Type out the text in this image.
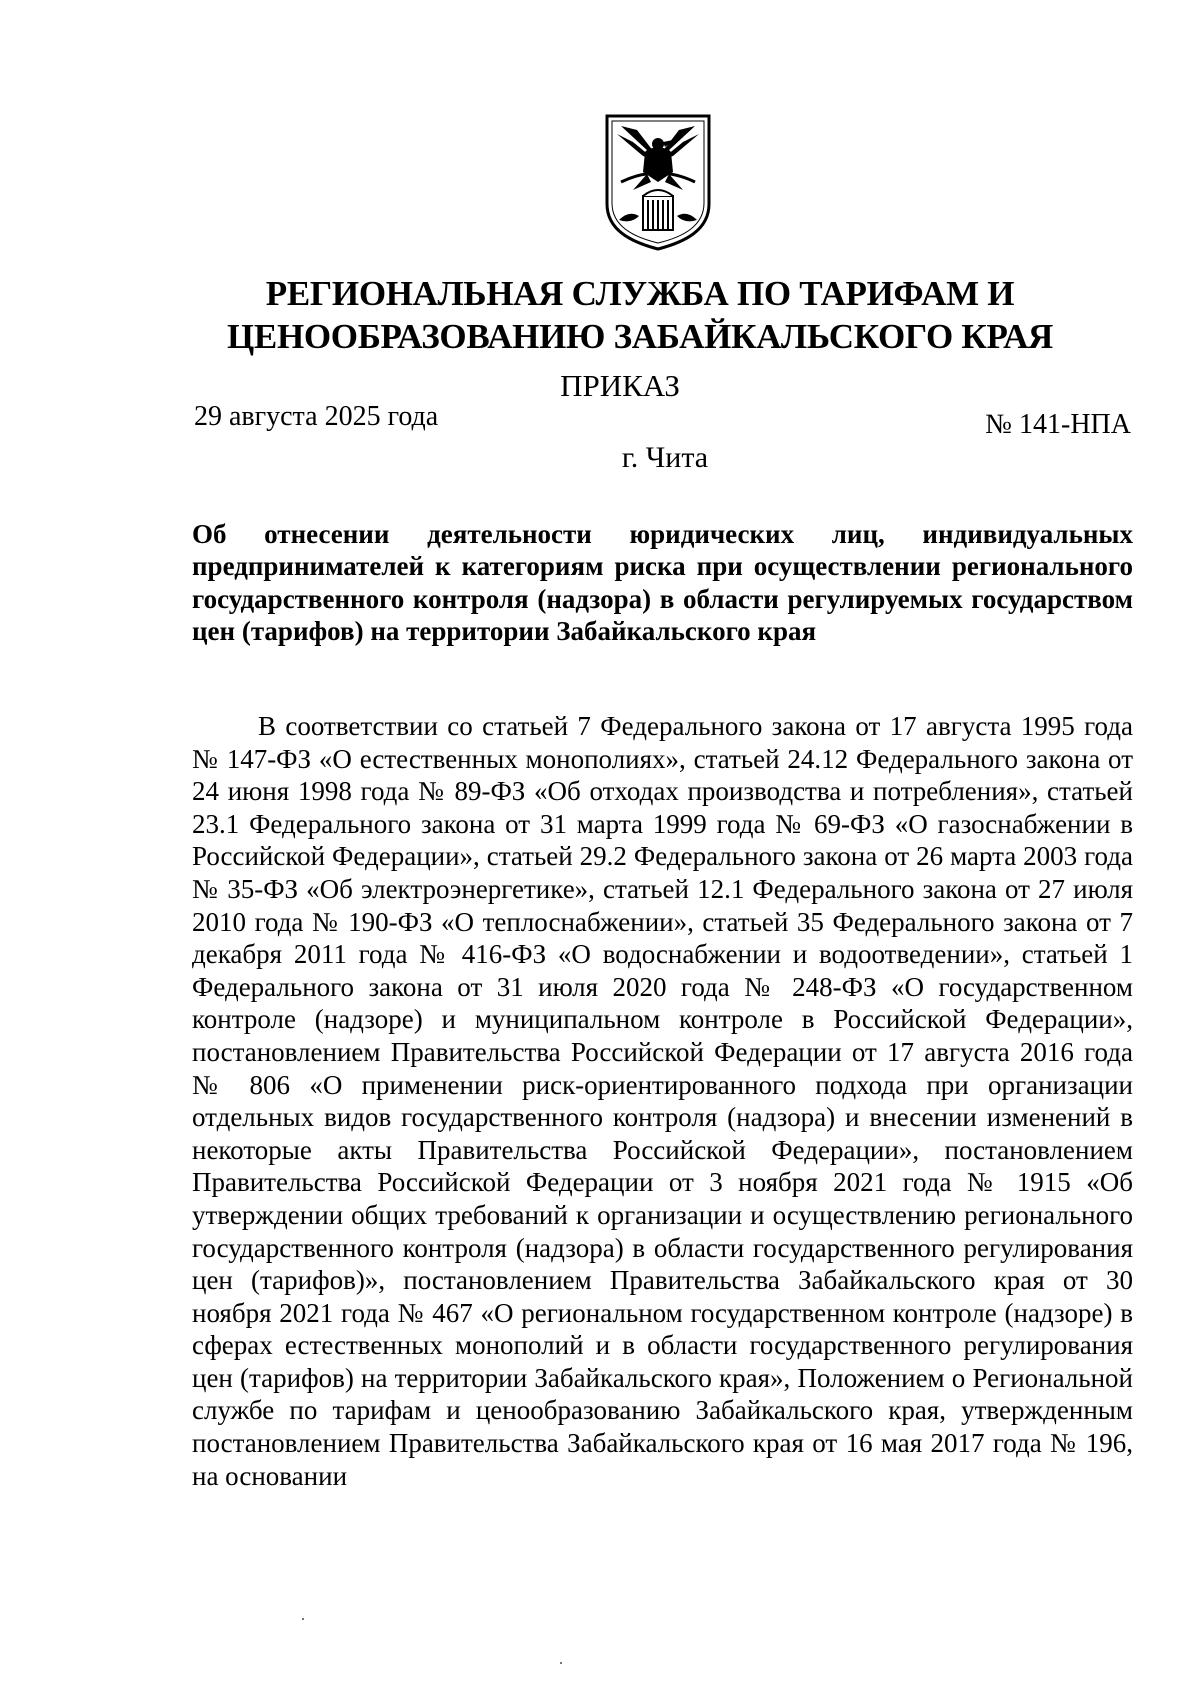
РЕГИОНАЛЬНАЯ СЛУЖБА ПО ТАРИФАМ И ЦЕНООБРАЗОВАНИЮ ЗАБАЙКАЛЬСКОГО КРАЯ
ПРИКАЗ
29 августа 2025 года	№ 141-НПА
г. Чита
Об отнесении деятельности юридических лиц, индивидуальных предпринимателей к категориям риска при осуществлении регионального государственного контроля (надзора) в области регулируемых государством цен (тарифов) на территории Забайкальского края

В соответствии со статьей 7 Федерального закона от 17 августа 1995 года № 147-ФЗ «О естественных монополиях», статьей 24.12 Федерального закона от 24 июня 1998 года № 89-ФЗ «Об отходах производства и потребления», статьей 23.1 Федерального закона от 31 марта 1999 года № 69-ФЗ «О газоснабжении в Российской Федерации», статьей 29.2 Федерального закона от 26 марта 2003 года № 35-ФЗ «Об электроэнергетике», статьей 12.1 Федерального закона от 27 июля 2010 года № 190-ФЗ «О теплоснабжении», статьей 35 Федерального закона от 7 декабря 2011 года № 416-ФЗ «О водоснабжении и водоотведении», статьей 1 Федерального закона от 31 июля 2020 года № 248-ФЗ «О государственном контроле (надзоре) и муниципальном контроле в Российской Федерации», постановлением Правительства Российской Федерации от 17 августа 2016 года № 806 «О применении риск-ориентированного подхода при организации отдельных видов государственного контроля (надзора) и внесении изменений в некоторые акты Правительства Российской Федерации», постановлением Правительства Российской Федерации от 3 ноября 2021 года № 1915 «Об утверждении общих требований к организации и осуществлению регионального государственного контроля (надзора) в области государственного регулирования цен (тарифов)», постановлением Правительства Забайкальского края от 30 ноября 2021 года № 467 «О региональном государственном контроле (надзоре) в сферах естественных монополий и в области государственного регулирования цен (тарифов) на территории Забайкальского края», Положением о Региональной службе по тарифам и ценообразованию Забайкальского края, утвержденным постановлением Правительства Забайкальского края от 16 мая 2017 года № 196, на основании
